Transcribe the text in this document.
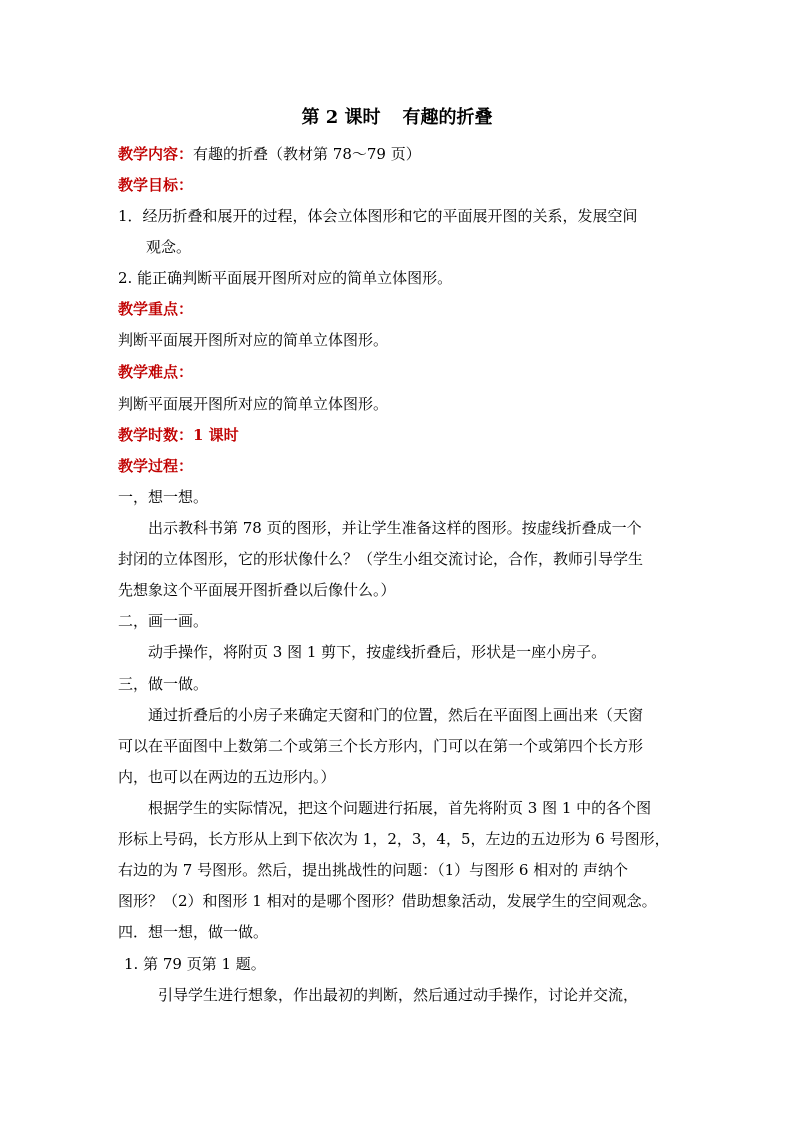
第 2 课时 有趣的折叠
教学内容：有趣的折叠（教材第 78～79 页）
教学目标：
1．经历折叠和展开的过程，体会立体图形和它的平面展开图的关系，发展空间
观念。
2. 能正确判断平面展开图所对应的简单立体图形。
教学重点：
判断平面展开图所对应的简单立体图形。
教学难点：
判断平面展开图所对应的简单立体图形。
教学时数：1 课时
教学过程：
一，想一想。
出示教科书第 78 页的图形，并让学生准备这样的图形。按虚线折叠成一个
封闭的立体图形，它的形状像什么？（学生小组交流讨论，合作，教师引导学生
先想象这个平面展开图折叠以后像什么。）
二，画一画。
动手操作，将附页 3 图 1 剪下，按虚线折叠后，形状是一座小房子。
三，做一做。
通过折叠后的小房子来确定天窗和门的位置，然后在平面图上画出来（天窗
可以在平面图中上数第二个或第三个长方形内，门可以在第一个或第四个长方形
内，也可以在两边的五边形内。）
根据学生的实际情况，把这个问题进行拓展，首先将附页 3 图 1 中的各个图
形标上号码，长方形从上到下依次为 1，2，3，4，5，左边的五边形为 6 号图形，
右边的为 7 号图形。然后，提出挑战性的问题：（1）与图形 6 相对的 声纳个
图形？（2）和图形 1 相对的是哪个图形？借助想象活动，发展学生的空间观念。
四．想一想，做一做。
1. 第 79 页第 1 题。
引导学生进行想象，作出最初的判断，然后通过动手操作，讨论并交流，
